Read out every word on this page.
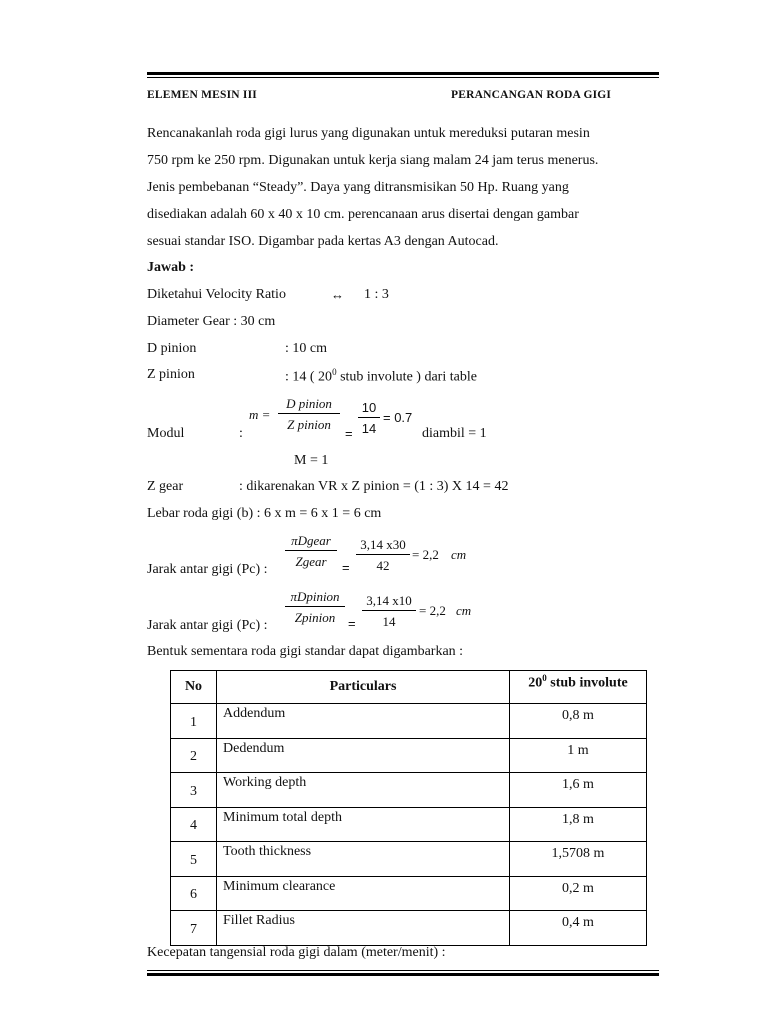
ELEMEN MESIN III	PERANCANGAN RODA GIGI
Rencanakanlah roda gigi lurus yang digunakan untuk mereduksi putaran mesin
750 rpm ke 250 rpm. Digunakan untuk kerja siang malam 24 jam terus menerus.
Jenis pembebanan “Steady”. Daya yang ditransmisikan 50 Hp. Ruang yang
disediakan adalah 60 x 40 x 10 cm. perencanaan arus disertai dengan gambar
sesuai standar ISO. Digambar pada kertas A3 dengan Autocad.
Jawab :
Diketahui Velocity Ratio	↔ 1 : 3
Diameter Gear : 30 cm
D pinion	: 10 cm
Z pinion	: 14 ( $20^0$ stub involute ) dari table
Modul	:
m =
D pinion
Z pinion
= $\frac{10}{14} = 0.7$
diambil = 1
M = 1
Z gear	: dikarenakan VR x Z pinion = (1 : 3) X 14 = 42
Lebar roda gigi (b) : 6 x m = 6 x 1 = 6 cm
Jarak antar gigi (Pc) :
πDgear
Zgear	= $\frac{3,14 x30}{42} = 2,2$ cm
Jarak antar gigi (Pc) :
πDpinion
Zpinion = $\frac{3,14 x10}{14} = 2,2$ cm
Bentuk sementara roda gigi standar dapat digambarkan :
No	Particulars	$20^0$ stub involute
1	Addendum	0,8 m
2	Dedendum	1 m
3	Working depth	1,6 m
4	Minimum total depth	1,8 m
5	Tooth thickness	1,5708 m
6	Minimum clearance	0,2 m
7	Fillet Radius	0,4 m
Kecepatan tangensial roda gigi dalam (meter/menit) :
